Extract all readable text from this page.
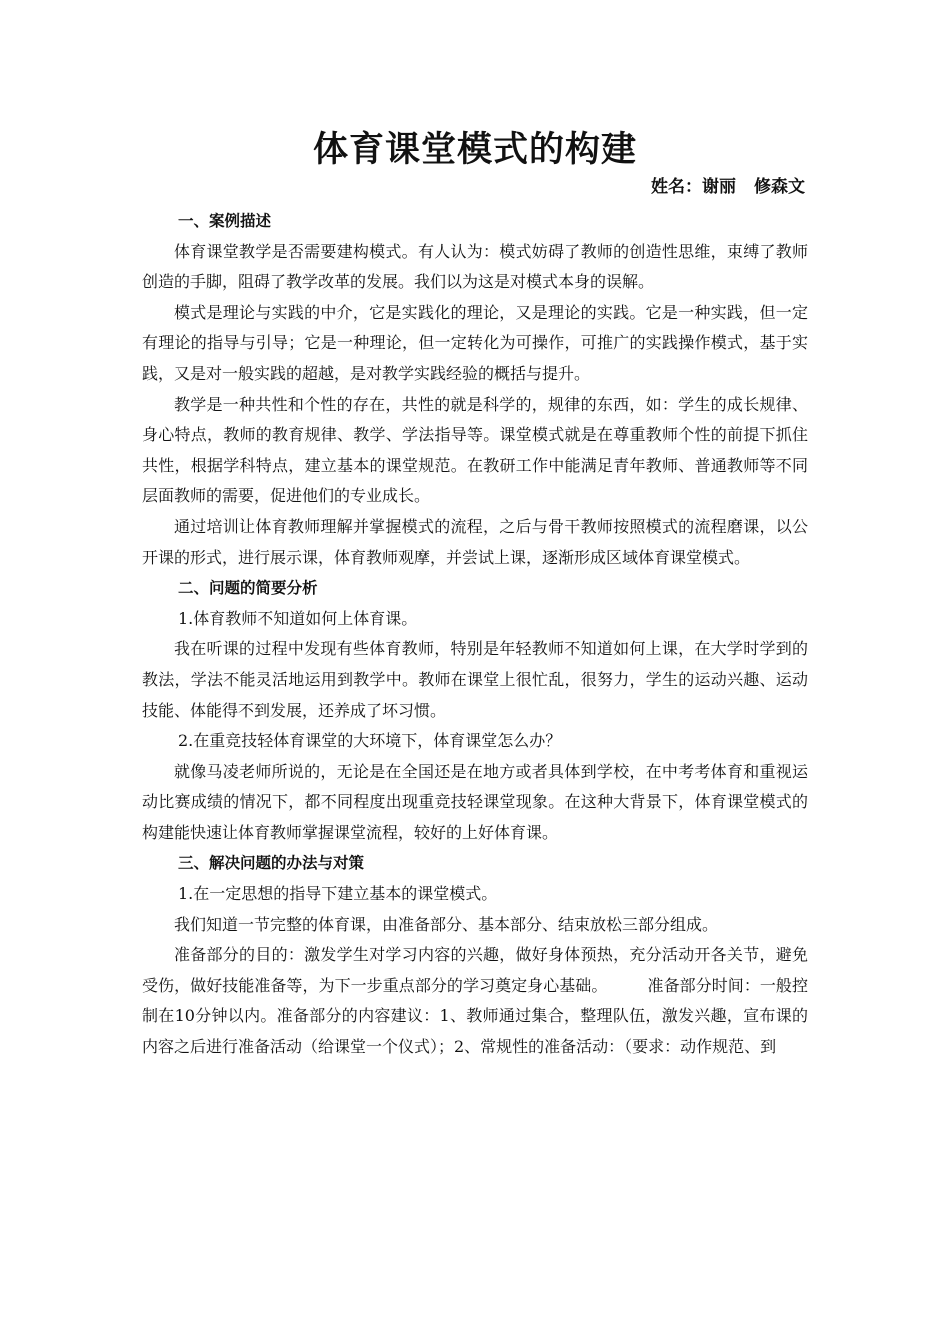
体育课堂模式的构建
姓名：谢丽 修森文

一、案例描述

体育课堂教学是否需要建构模式。有人认为：模式妨碍了教师的创造性思维，束缚了教师创造的手脚，阻碍了教学改革的发展。我们以为这是对模式本身的误解。

模式是理论与实践的中介，它是实践化的理论，又是理论的实践。它是一种实践，但一定有理论的指导与引导；它是一种理论，但一定转化为可操作，可推广的实践操作模式，基于实践，又是对一般实践的超越，是对教学实践经验的概括与提升。

教学是一种共性和个性的存在，共性的就是科学的，规律的东西，如：学生的成长规律、身心特点，教师的教育规律、教学、学法指导等。课堂模式就是在尊重教师个性的前提下抓住共性，根据学科特点，建立基本的课堂规范。在教研工作中能满足青年教师、普通教师等不同层面教师的需要，促进他们的专业成长。

通过培训让体育教师理解并掌握模式的流程，之后与骨干教师按照模式的流程磨课，以公开课的形式，进行展示课，体育教师观摩，并尝试上课，逐渐形成区域体育课堂模式。

二、问题的简要分析

1.体育教师不知道如何上体育课。

我在听课的过程中发现有些体育教师，特别是年轻教师不知道如何上课，在大学时学到的教法，学法不能灵活地运用到教学中。教师在课堂上很忙乱，很努力，学生的运动兴趣、运动技能、体能得不到发展，还养成了坏习惯。

2.在重竞技轻体育课堂的大环境下，体育课堂怎么办？

就像马凌老师所说的，无论是在全国还是在地方或者具体到学校，在中考考体育和重视运动比赛成绩的情况下，都不同程度出现重竞技轻课堂现象。在这种大背景下，体育课堂模式的构建能快速让体育教师掌握课堂流程，较好的上好体育课。

三、解决问题的办法与对策

1.在一定思想的指导下建立基本的课堂模式。

我们知道一节完整的体育课，由准备部分、基本部分、结束放松三部分组成。

准备部分的目的：激发学生对学习内容的兴趣，做好身体预热，充分活动开各关节，避免受伤，做好技能准备等，为下一步重点部分的学习奠定身心基础。　　　准备部分时间：一般控制在10分钟以内。准备部分的内容建议：1、教师通过集合，整理队伍，激发兴趣，宣布课的内容之后进行准备活动（给课堂一个仪式）；2、常规性的准备活动：（要求：动作规范、到
